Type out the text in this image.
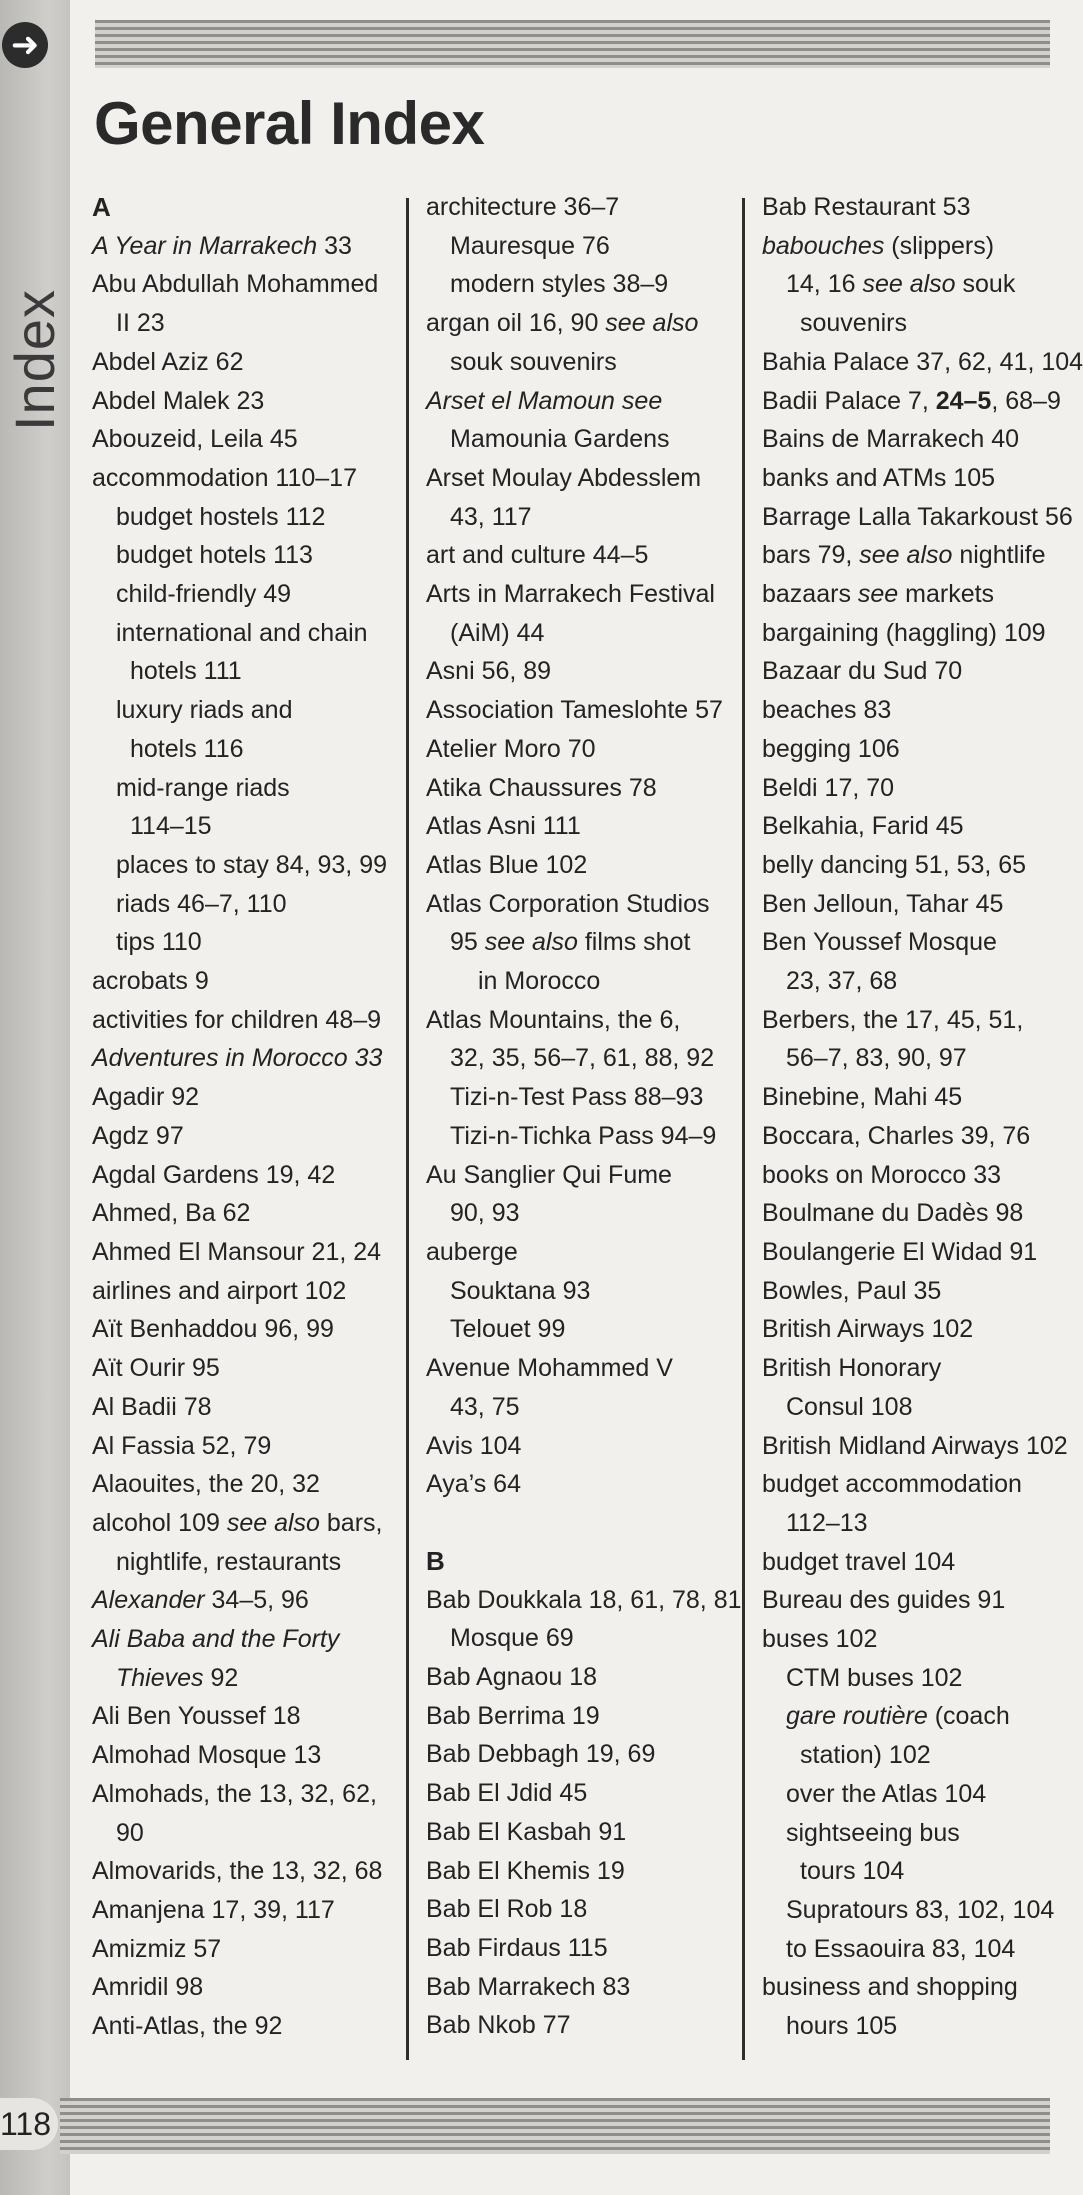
➜
Index
General Index
A
A Year in Marrakech 33
Abu Abdullah Mohammed
II 23
Abdel Aziz 62
Abdel Malek 23
Abouzeid, Leila 45
accommodation 110–17
budget hostels 112
budget hotels 113
child-friendly 49
international and chain
hotels 111
luxury riads and
hotels 116
mid-range riads
114–15
places to stay 84, 93, 99
riads 46–7, 110
tips 110
acrobats 9
activities for children 48–9
Adventures in Morocco 33
Agadir 92
Agdz 97
Agdal Gardens 19, 42
Ahmed, Ba 62
Ahmed El Mansour 21, 24
airlines and airport 102
Aït Benhaddou 96, 99
Aït Ourir 95
Al Badii 78
Al Fassia 52, 79
Alaouites, the 20, 32
alcohol 109 see also bars,
nightlife, restaurants
Alexander 34–5, 96
Ali Baba and the Forty
Thieves 92
Ali Ben Youssef 18
Almohad Mosque 13
Almohads, the 13, 32, 62,
90
Almovarids, the 13, 32, 68
Amanjena 17, 39, 117
Amizmiz 57
Amridil 98
Anti-Atlas, the 92
architecture 36–7
Mauresque 76
modern styles 38–9
argan oil 16, 90 see also
souk souvenirs
Arset el Mamoun see
Mamounia Gardens
Arset Moulay Abdesslem
43, 117
art and culture 44–5
Arts in Marrakech Festival
(AiM) 44
Asni 56, 89
Association Tameslohte 57
Atelier Moro 70
Atika Chaussures 78
Atlas Asni 111
Atlas Blue 102
Atlas Corporation Studios
95 see also films shot
in Morocco
Atlas Mountains, the 6,
32, 35, 56–7, 61, 88, 92
Tizi-n-Test Pass 88–93
Tizi-n-Tichka Pass 94–9
Au Sanglier Qui Fume
90, 93
auberge
Souktana 93
Telouet 99
Avenue Mohammed V
43, 75
Avis 104
Aya’s 64
B
Bab Doukkala 18, 61, 78, 81
Mosque 69
Bab Agnaou 18
Bab Berrima 19
Bab Debbagh 19, 69
Bab El Jdid 45
Bab El Kasbah 91
Bab El Khemis 19
Bab El Rob 18
Bab Firdaus 115
Bab Marrakech 83
Bab Nkob 77
Bab Restaurant 53
babouches (slippers)
14, 16 see also souk
souvenirs
Bahia Palace 37, 62, 41, 104
Badii Palace 7, 24–5, 68–9
Bains de Marrakech 40
banks and ATMs 105
Barrage Lalla Takarkoust 56
bars 79, see also nightlife
bazaars see markets
bargaining (haggling) 109
Bazaar du Sud 70
beaches 83
begging 106
Beldi 17, 70
Belkahia, Farid 45
belly dancing 51, 53, 65
Ben Jelloun, Tahar 45
Ben Youssef Mosque
23, 37, 68
Berbers, the 17, 45, 51,
56–7, 83, 90, 97
Binebine, Mahi 45
Boccara, Charles 39, 76
books on Morocco 33
Boulmane du Dadès 98
Boulangerie El Widad 91
Bowles, Paul 35
British Airways 102
British Honorary
Consul 108
British Midland Airways 102
budget accommodation
112–13
budget travel 104
Bureau des guides 91
buses 102
CTM buses 102
gare routière (coach
station) 102
over the Atlas 104
sightseeing bus
tours 104
Supratours 83, 102, 104
to Essaouira 83, 104
business and shopping
hours 105
118
